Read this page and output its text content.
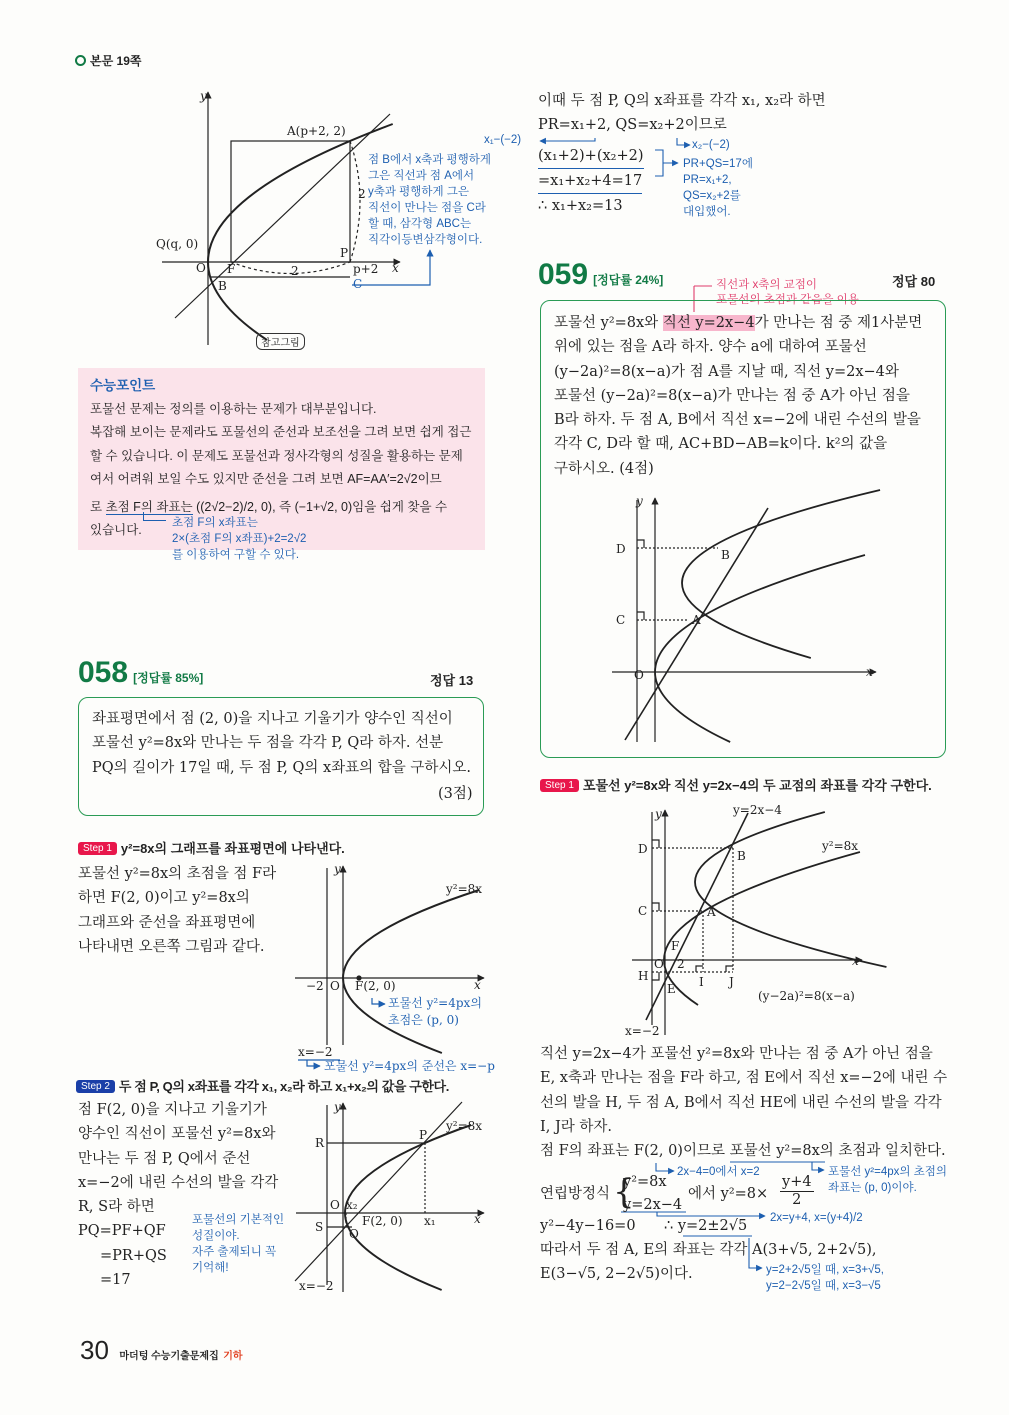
본문 19쪽
y
x
A(p+2, 2)
Q(q, 0)
O F
B
P
p+2
C
2
2
y
x
y²=8x
−2 O F(2, 0)
x=−2
포물선 y²=4px의
초점은 (p, 0)
포물선 y²=4px의 준선은 x=−p
y
x
y²=8x
R
P
O x₂
S Q
F(2, 0) x₁
x=−2
y
x
D	B
C	A
O
y
x
y=2x−4
y²=8x
(y−2a)²=8(x−a)
D	B
C	A
F
O 2
H
E I J
x=−2
점 B에서 x축과 평행하게
그은 직선과 점 A에서
y축과 평행하게 그은
직선이 만나는 점을 C라
할 때, 삼각형 ABC는
직각이등변삼각형이다.
참고그림
수능포인트
포물선 문제는 정의를 이용하는 문제가 대부분입니다.
복잡해 보이는 문제라도 포물선의 준선과 보조선을 그려 보면 쉽게 접근
할 수 있습니다. 이 문제도 포물선과 정사각형의 성질을 활용하는 문제
여서 어려워 보일 수도 있지만 준선을 그려 보면 AF=AA′=2√2이므
로 초점 F의 좌표는 ((2√2−2)/2, 0), 즉 (−1+√2, 0)임을 쉽게 찾을 수
있습니다.	초점 F의 x좌표는
2×(초점 F의 x좌표)+2=2√2
를 이용하여 구할 수 있다.
058 [정답률 85%]	정답 13
좌표평면에서 점 (2, 0)을 지나고 기울기가 양수인 직선이
포물선 y²=8x와 만나는 두 점을 각각 P, Q라 하자. 선분
PQ의 길이가 17일 때, 두 점 P, Q의 x좌표의 합을 구하시오.
(3점)
Step 1 y²=8x의 그래프를 좌표평면에 나타낸다.
포물선 y²=8x의 초점을 점 F라
하면 F(2, 0)이고 y²=8x의
그래프와 준선을 좌표평면에
나타내면 오른쪽 그림과 같다.
Step 2 두 점 P, Q의 x좌표를 각각 x₁, x₂라 하고 x₁+x₂의 값을 구한다.
점 F(2, 0)을 지나고 기울기가
양수인 직선이 포물선 y²=8x와
만나는 두 점 P, Q에서 준선
x=−2에 내린 수선의 발을 각각
R, S라 하면
PQ=PF+QF
=PR+QS
=17
포물선의 기본적인
성질이야.
자주 출제되니 꼭
기억해!
이때 두 점 P, Q의 x좌표를 각각 x₁, x₂라 하면
PR=x₁+2, QS=x₂+2이므로
(x₁+2)+(x₂+2)
=x₁+x₂+4=17
∴ x₁+x₂=13
x₁−(−2)	x₂−(−2)
PR+QS=17에
PR=x₁+2,
QS=x₂+2를
대입했어.
059 [정답률 24%]	정답 80
직선과 x축의 교점이
포물선의 초점과 같음을 이용
포물선 y²=8x와 직선 y=2x−4가 만나는 점 중 제1사분면
위에 있는 점을 A라 하자. 양수 a에 대하여 포물선
(y−2a)²=8(x−a)가 점 A를 지날 때, 직선 y=2x−4와
포물선 (y−2a)²=8(x−a)가 만나는 점 중 A가 아닌 점을
B라 하자. 두 점 A, B에서 직선 x=−2에 내린 수선의 발을
각각 C, D라 할 때, AC+BD−AB=k이다. k²의 값을
구하시오. (4점)
Step 1 포물선 y²=8x와 직선 y=2x−4의 두 교점의 좌표를 각각 구한다.
직선 y=2x−4가 포물선 y²=8x와 만나는 점 중 A가 아닌 점을
E, x축과 만나는 점을 F라 하고, 점 E에서 직선 x=−2에 내린 수
선의 발을 H, 두 점 A, B에서 직선 HE에 내린 수선의 발을 각각
I, J라 하자.
점 F의 좌표는 F(2, 0)이므로 포물선 y²=8x의 초점과 일치한다.
연립방정식 {
y²=8x
y=2x−4
에서 y²=8×
y+4
2
2x−4=0에서 x=2	포물선 y²=4px의 초점의
좌표는 (p, 0)이야.
2x=y+4, x=(y+4)/2
y²−4y−16=0 ∴ y=2±2√5
따라서 두 점 A, E의 좌표는 각각 A(3+√5, 2+2√5),
E(3−√5, 2−2√5)이다.	y=2+2√5일 때, x=3+√5,
y=2−2√5일 때, x=3−√5
30 마더텅 수능기출문제집 기하
